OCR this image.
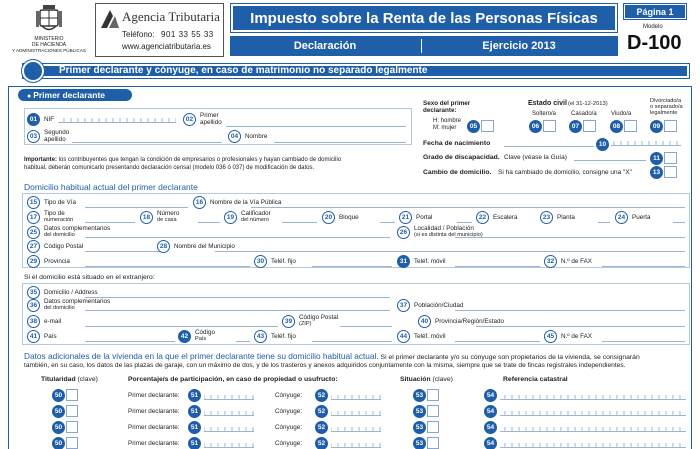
MINISTERIO
DE HACIENDA
Y ADMINISTRACIONES PÚBLICAS
Agencia Tributaria
Teléfono: 901 33 55 33
www.agenciatributaria.es
Impuesto sobre la Renta de las Personas Físicas
Declaración	Ejercicio 2013
Página 1
Modelo
D-100
Primer declarante y cónyuge, en caso de matrimonio no separado legalmente
● Primer declarante
01	NIF	02
Primer
apellido
03
Segundo
apellido	04	Nombre
Sexo del primer
declarante:
H: hombre
M: mujer	05
Estado civil (el 31-12-2013)
Soltero/a
06
Casado/a
07
Viudo/a
08
Divorciado/a
o separado/a
legalmente
09
Fecha de nacimiento	10
Grado de discapacidad. Clave (véase la Guía)	11
Cambio de domicilio. Si ha cambiado de domicilio, consigne una "X"	13
Importante: los contribuyentes que tengan la condición de empresarios o profesionales y hayan cambiado de domicilio
habitual, deberán comunicarlo presentando declaración censal (modelo 036 ó 037) de modificación de datos.
Domicilio habitual actual del primer declarante
15	Tipo de Vía	16	Nombre de la Vía Pública
17
Tipo de
numeración	18
Número
de casa	19
Calificador
del número	20	Bloque	21	Portal	22	Escalera	23	Planta	24	Puerta
25
Datos complementarios
del domicilio	26
Localidad / Población
(si es distinta del municipio)
27	Código Postal	28	Nombre del Municipio
29	Provincia	30	Teléf. fijo	31	Teléf. móvil	32	N.º de FAX
Si el domicilio está situado en el extranjero:
35	Domicilio / Address
36
Datos complementarios
del domicilio	37	Población/Ciudad
38	e-mail	39
Código Postal
(ZIP)	40	Provincia/Región/Estado
41	País	42
Código
País	43	Teléf. fijo	44	Teléf. móvil	45	N.º de FAX
Datos adicionales de la vivienda en la que el primer declarante tiene su domicilio habitual actual. Si el primer declarante y/o su cónyuge son propietarios de la vivienda, se consignarán
también, en su caso, los datos de las plazas de garaje, con un máximo de dos, y de los trasteros y anexos adquiridos conjuntamente con la misma, siempre que se trate de fincas registrales independientes.
Titularidad (clave)	Porcentaje/s de participación, en caso de propiedad o usufructo:	Situación (clave)	Referencia catastral
50	Primer declarante:	51	Cónyuge:	52	53	54
50	Primer declarante:	51	Cónyuge:	52	53	54
50	Primer declarante:	51	Cónyuge:	52	53	54
50	Primer declarante:	51	Cónyuge:	52	53	54
